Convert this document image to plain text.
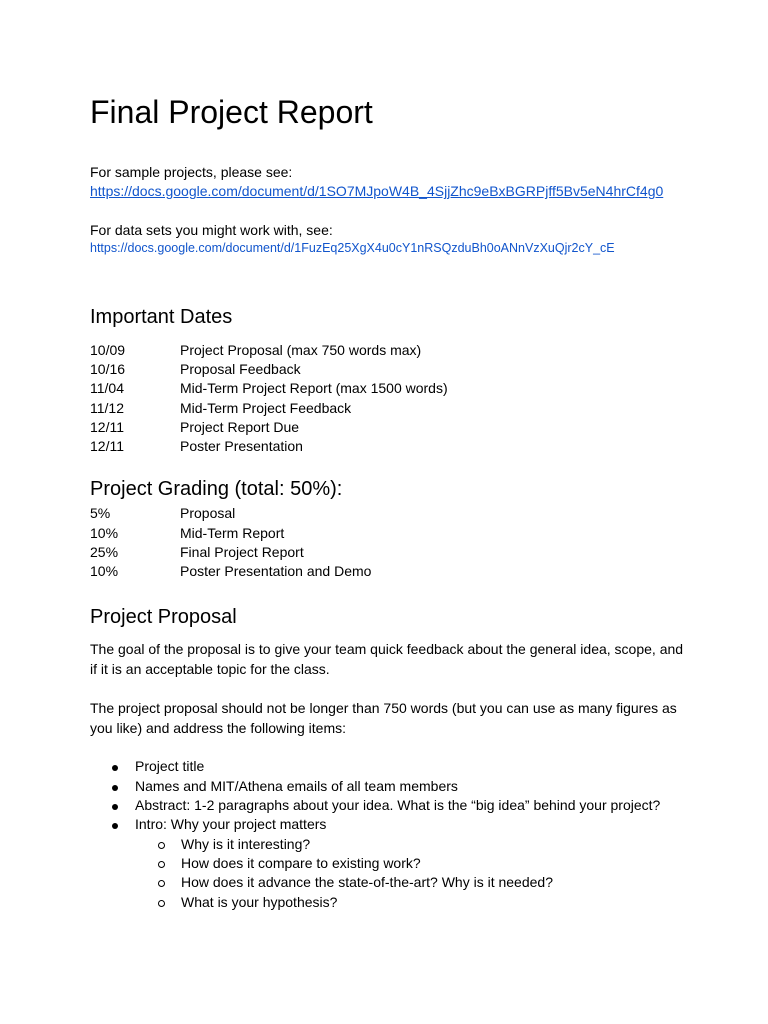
Final Project Report
For sample projects, please see:
https://docs.google.com/document/d/1SO7MJpoW4B_4SjjZhc9eBxBGRPjff5Bv5eN4hrCf4g0
For data sets you might work with, see:
https://docs.google.com/document/d/1FuzEq25XgX4u0cY1nRSQzduBh0oANnVzXuQjr2cY_cE
Important Dates
10/09	Project Proposal (max 750 words max)
10/16	Proposal Feedback
11/04	Mid-Term Project Report (max 1500 words)
11/12	Mid-Term Project Feedback
12/11	Project Report Due
12/11	Poster Presentation
Project Grading (total: 50%):
5%	Proposal
10%	Mid-Term Report
25%	Final Project Report
10%	Poster Presentation and Demo
Project Proposal

The goal of the proposal is to give your team quick feedback about the general idea, scope, and if it is an acceptable topic for the class.

The project proposal should not be longer than 750 words (but you can use as many figures as you like) and address the following items:

Project title
Names and MIT/Athena emails of all team members
Abstract: 1-2 paragraphs about your idea. What is the “big idea” behind your project?
Intro: Why your project matters
Why is it interesting?
How does it compare to existing work?
How does it advance the state-of-the-art? Why is it needed?
What is your hypothesis?
